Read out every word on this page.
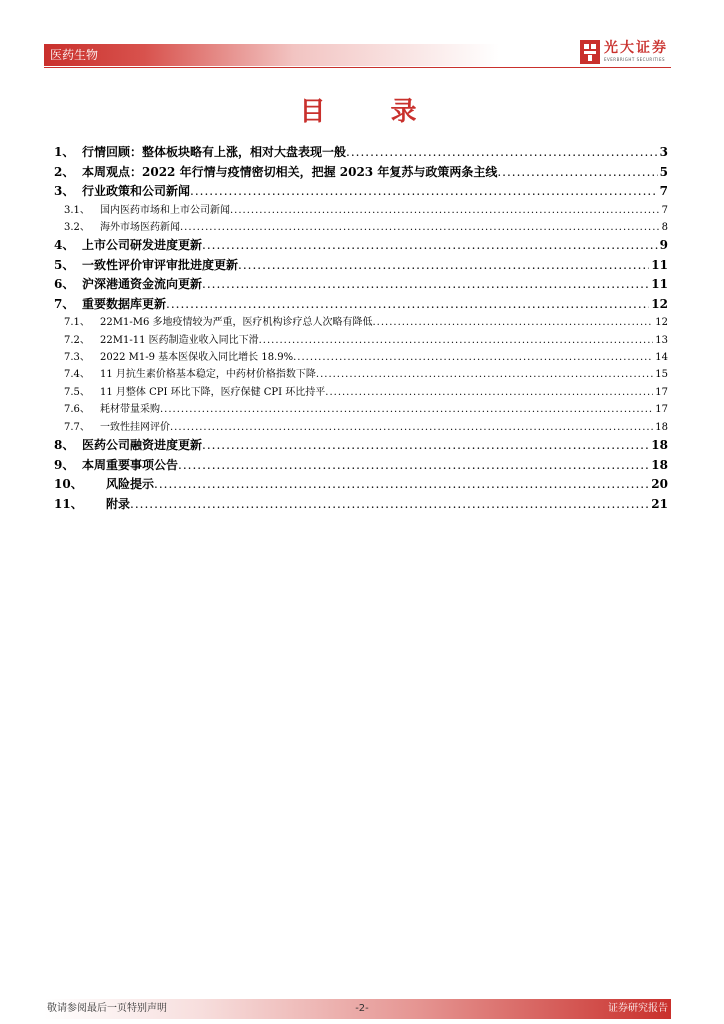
医药生物	光大证券
EVERBRIGHT SECURITIES
目 录
1、 行情回顾：整体板块略有上涨，相对大盘表现一般 .....	3
2、 本周观点：2022 年行情与疫情密切相关，把握 2023 年复苏与政策两条主线 .....	5
3、 行业政策和公司新闻 .....	7
3.1、	国内医药市场和上市公司新闻 .....	7
3.2、	海外市场医药新闻 .....	8
4、 上市公司研发进度更新 .....	9
5、 一致性评价审评审批进度更新 .....	11
6、 沪深港通资金流向更新 .....	11
7、 重要数据库更新 .....	12
7.1、	22M1-M6 多地疫情较为严重，医疗机构诊疗总人次略有降低 .....	12
7.2、	22M1-11 医药制造业收入同比下滑 .....	13
7.3、	2022 M1-9 基本医保收入同比增长 18.9% .....	14
7.4、	11 月抗生素价格基本稳定，中药材价格指数下降 .....	15
7.5、	11 月整体 CPI 环比下降，医疗保健 CPI 环比持平 .....	17
7.6、	耗材带量采购 .....	17
7.7、	一致性挂网评价 .....	18
8、 医药公司融资进度更新 .....	18
9、 本周重要事项公告 .....	18
10、	风险提示 .....	20
11、	附录 .....	21
敬请参阅最后一页特别声明	-2-	证券研究报告
